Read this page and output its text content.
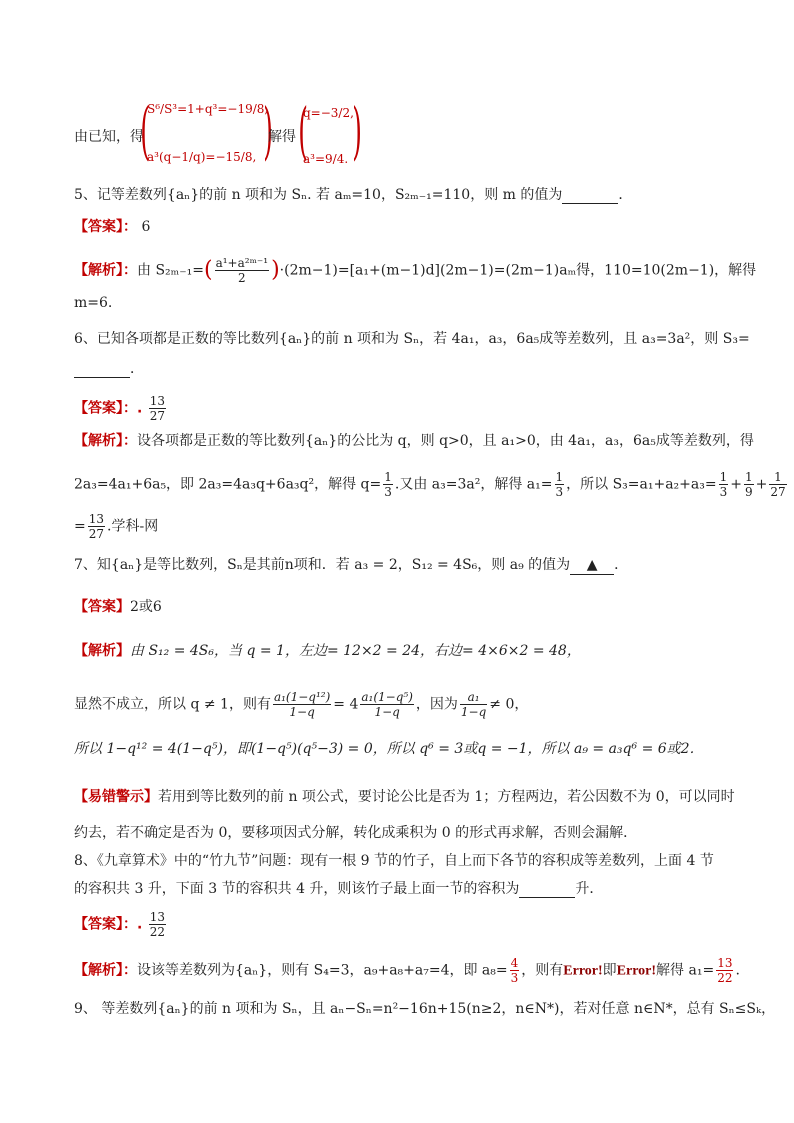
由已知，得
(
S⁶/S³=1+q³=−19/8,
a³(q−1/q)=−15/8, )
解得 (
q=−3/2,
a³=9/4. )
5、记等差数列{aₙ}的前 n 项和为 Sₙ. 若 aₘ=10，S₂ₘ₋₁=110，则 m 的值为	．
【答案】： 6
【解析】：由 $S_{2m-1}=( \frac{\text{a¹+a²ᵐ⁻¹}}{2} )\cdot(2m-1)=[a_1+(m-1)d](2m-1)=(2m-1)a_m$得，110=10(2m−1)，解得
m=6.
6、已知各项都是正数的等比数列{aₙ}的前 n 项和为 Sₙ，若 4a₁，a₃，6a₅成等差数列，且 a₃=3a²，则 S₃=
．
【答案】：. $\frac{13}{27}$
【解析】：设各项都是正数的等比数列{aₙ}的公比为 q，则 q>0，且 a₁>0，由 4a₁，a₃，6a₅成等差数列，得
2a₃=4a₁+6a₅，即 2a₃=4a₃q+6a₃q²，解得 $q= \frac{1}{3}$ .又由 a₃=3a²，解得 $a_1= \frac{1}{3}$ ，所以 $S_3=a_1+a_2+a_3= \frac{1}{3} + \frac{1}{9} + \frac{1}{27}$
= $\frac{13}{27}$ .学科-网
7、知{aₙ}是等比数列，Sₙ是其前n项和．若 a₃ = 2，S₁₂ = 4S₆，则 a₉ 的值为 ▲ ．
【答案】2或6
【解析】由 S₁₂ = 4S₆，当 q = 1，左边= 12×2 = 24，右边= 4×6×2 = 48，
显然不成立，所以 q ≠ 1，则有 $\frac{\text{a₁(1−q¹²)}}{1-q} = 4 \frac{\text{a₁(1−q⁵)}}{1-q}$ ，因为 $\frac{\text{a₁}}{1-q} \ne 0$，
所以 1−q¹² = 4(1−q⁵)，即(1−q⁵)(q⁵−3) = 0，所以 q⁶ = 3或q = −1，所以 a₉ = a₃q⁶ = 6或2．
【易错警示】若用到等比数列的前 n 项公式，要讨论公比是否为 1；方程两边，若公因数不为 0，可以同时
约去，若不确定是否为 0，要移项因式分解，转化成乘积为 0 的形式再求解，否则会漏解．
8、《九章算术》中的“竹九节”问题：现有一根 9 节的竹子，自上而下各节的容积成等差数列，上面 4 节
的容积共 3 升，下面 3 节的容积共 4 升，则该竹子最上面一节的容积为	升．
【答案】：. $\frac{13}{22}$
【解析】：设该等差数列为{aₙ}，则有 S₄=3，a₉+a₈+a₇=4，即 $a_8= \frac{4}{3}$ ，则有Error!即Error!解得 $a_1= \frac{13}{22}$ .
9、 等差数列{aₙ}的前 n 项和为 Sₙ，且 aₙ−Sₙ=n²−16n+15(n≥2，n∈N*)，若对任意 n∈N*，总有 Sₙ≤Sₖ，
